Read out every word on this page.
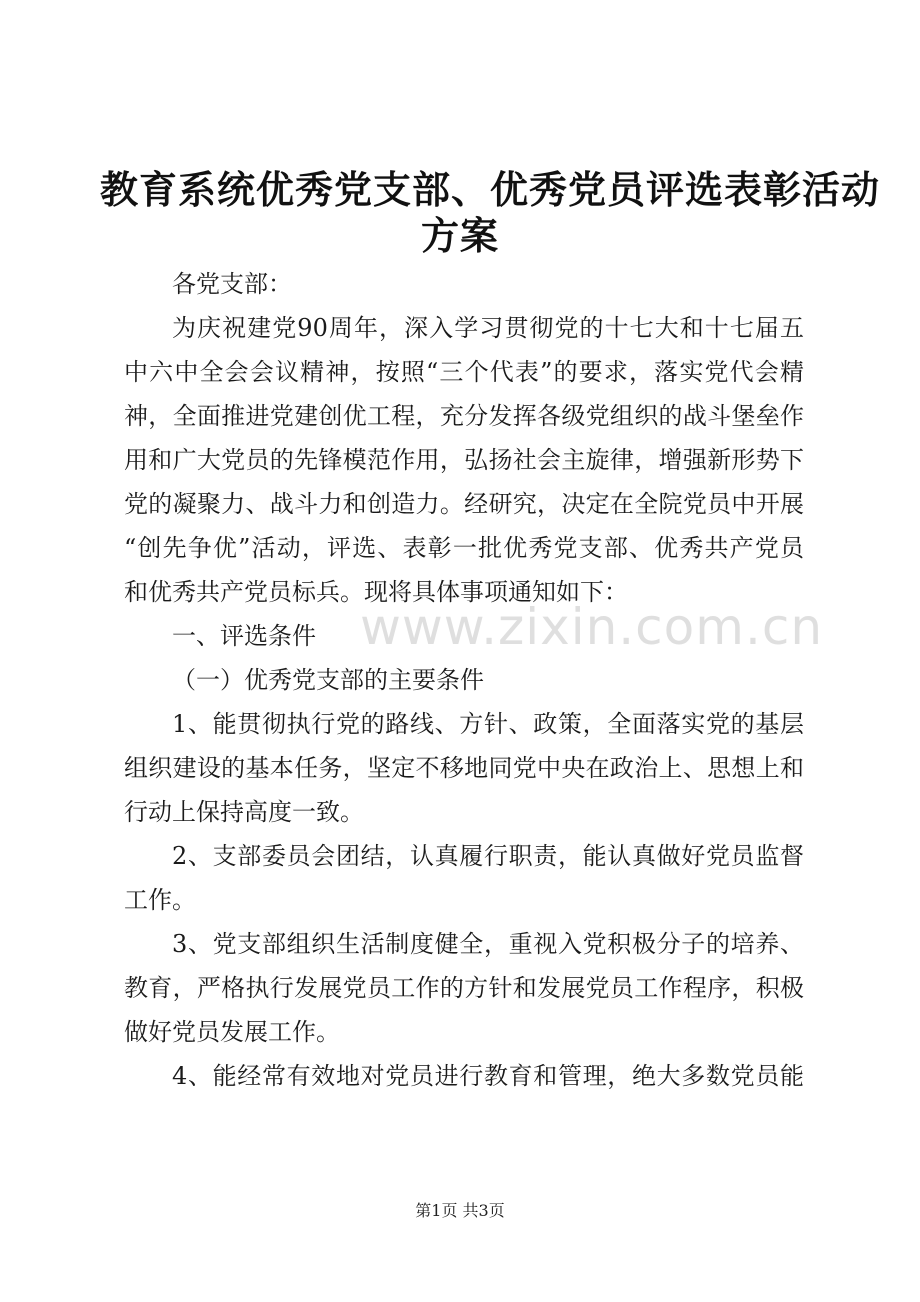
教育系统优秀党支部、优秀党员评选表彰活动
方案
各党支部：
为庆祝建党90周年，深入学习贯彻党的十七大和十七届五
中六中全会会议精神，按照“三个代表”的要求，落实党代会精
神，全面推进党建创优工程，充分发挥各级党组织的战斗堡垒作
用和广大党员的先锋模范作用，弘扬社会主旋律，增强新形势下
党的凝聚力、战斗力和创造力。经研究，决定在全院党员中开展
“创先争优”活动，评选、表彰一批优秀党支部、优秀共产党员
和优秀共产党员标兵。现将具体事项通知如下：
一、评选条件
（一）优秀党支部的主要条件
1、能贯彻执行党的路线、方针、政策，全面落实党的基层
组织建设的基本任务，坚定不移地同党中央在政治上、思想上和
行动上保持高度一致。
2、支部委员会团结，认真履行职责，能认真做好党员监督
工作。
3、党支部组织生活制度健全，重视入党积极分子的培养、
教育，严格执行发展党员工作的方针和发展党员工作程序，积极
做好党员发展工作。
4、能经常有效地对党员进行教育和管理，绝大多数党员能
www.zixin.com.cn
第1页 共3页
